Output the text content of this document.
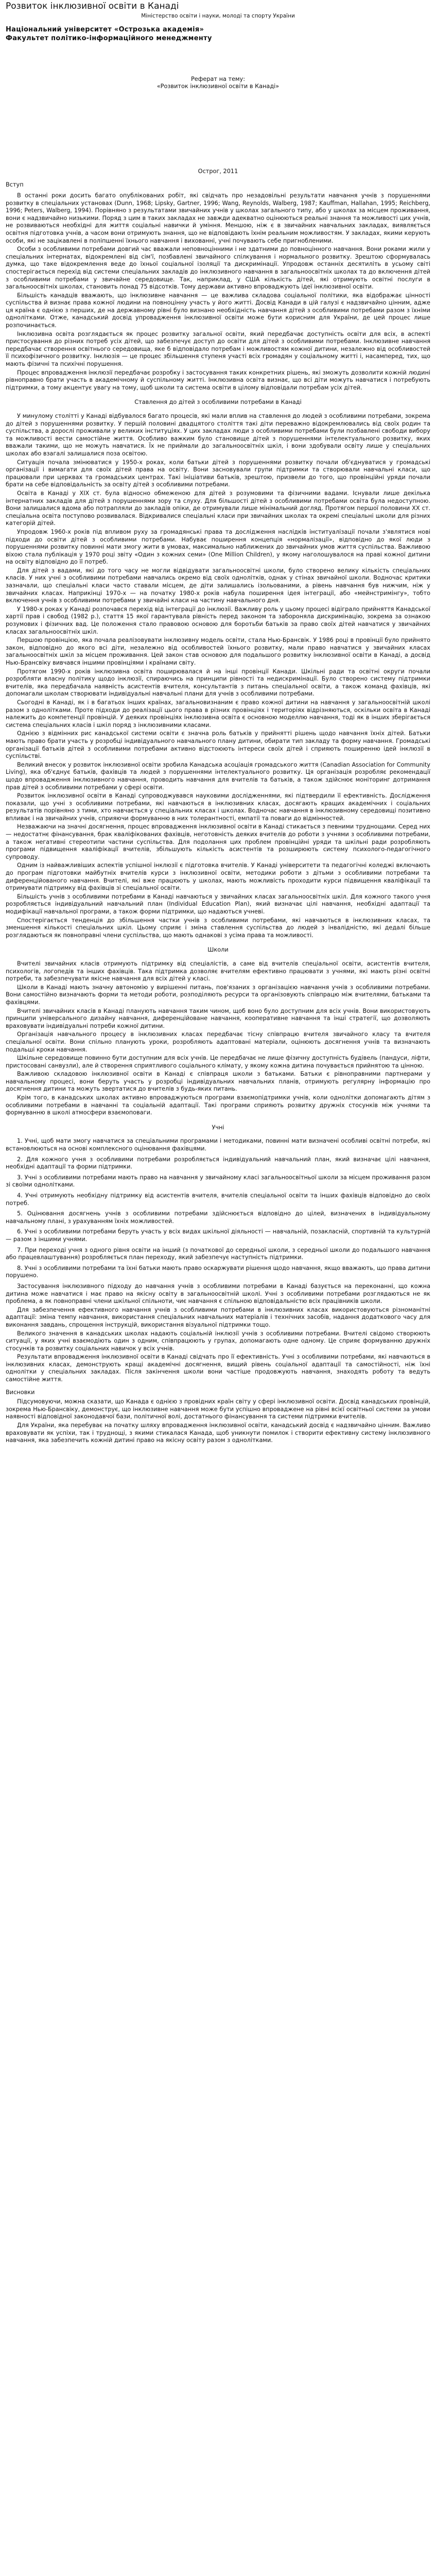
Розвиток інклюзивної освіти в Канаді
Міністерство освіти і науки, молоді та спорту України
Національний університет «Острозька академія»
Факультет політико-інформаційного менеджменту
Реферат на тему:
«Розвиток інклюзивної освіти в Канаді»
Острог, 2011
Вступ

В останні роки досить багато опублікованих робіт, які свідчать про незадовільні результати навчання учнів з порушеннями розвитку в спеціальних установах (Dunn, 1968; Lipsky, Gartner, 1996; Wang, Reynolds, Walberg, 1987; Kauffman, Hallahan, 1995; Reichberg, 1996; Peters, Walberg, 1994). Порівняно з результатами звичайних учнів у школах загального типу, або у школах за місцем проживання, вони є надзвичайно низькими. Поряд з цим в таких закладах не завжди адекватно оцінюються реальні знання та можливості цих учнів, не розвиваються необхідні для життя соціальні навички й уміння. Меншою, ніж є в звичайних навчальних закладах, виявляється освітня підготовка учнів, а часом вони отримують знання, що не відповідають їхнім реальним можливостям. У закладах, якими керують особи, які не зацікавлені в поліпшенні їхнього навчання і вихованні, учні почувають себе пригнобленими.

Особи з особливими потребами довгий час вважали неповноцінними і не здатними до повноцінного навчання. Вони роками жили у спеціальних інтернатах, відокремлені від сім'ї, позбавлені звичайного спілкування і нормального розвитку. Зрештою сформувалась думка, що таке відокремлення веде до їхньої соціальної ізоляції та дискримінації. Упродовж останніх десятиліть в усьому світі спостерігається перехід від системи спеціальних закладів до інклюзивного навчання в загальноосвітніх школах та до включення дітей з особливими потребами у звичайне середовище. Так, наприклад, у США кількість дітей, які отримують освітні послуги в загальноосвітніх школах, становить понад 75 відсотків. Тому держави активно впроваджують ідеї інклюзивної освіти.

Більшість канадців вважають, що інклюзивне навчання — це важлива складова соціальної політики, яка відображає цінності суспільства й визнає права кожної людини на повноцінну участь у його житті. Досвід Канади в цій галузі є надзвичайно цінним, адже ця країна є однією з перших, де на державному рівні було визнано необхідність навчання дітей з особливими потребами разом з їхніми однолітками. Отже, канадський досвід упровадження інклюзивної освіти може бути корисним для України, де цей процес лише розпочинається.

Інклюзивна освіта розглядається як процес розвитку загальної освіти, який передбачає доступність освіти для всіх, в аспекті пристосування до різних потреб усіх дітей, що забезпечує доступ до освіти для дітей з особливими потребами. Інклюзивне навчання передбачає створення освітнього середовища, яке б відповідало потребам і можливостям кожної дитини, незалежно від особливостей її психофізичного розвитку. Інклюзія — це процес збільшення ступеня участі всіх громадян у соціальному житті і, насамперед, тих, що мають фізичні та психічні порушення.

Процес впровадження інклюзії передбачає розробку і застосування таких конкретних рішень, які зможуть дозволити кожній людині рівноправно брати участь в академічному й суспільному житті. Інклюзивна освіта визнає, що всі діти можуть навчатися і потребують підтримки, а тому акцентує увагу на тому, щоб школи та система освіти в цілому відповідали потребам усіх дітей.

Ставлення до дітей з особливими потребами в Канаді

У минулому столітті у Канаді відбувалося багато процесів, які мали вплив на ставлення до людей з особливими потребами, зокрема до дітей з порушеннями розвитку. У першій половині двадцятого століття такі діти переважно відокремлювались від своїх родин та суспільства, а дорослі проживали у великих інституціях. У цих закладах люди з особливими потребами були позбавлені свободи вибору та можливості вести самостійне життя. Особливо важким було становище дітей з порушеннями інтелектуального розвитку, яких вважали такими, що не можуть навчатися. Їх не приймали до загальноосвітніх шкіл, і вони здобували освіту лише у спеціальних школах або взагалі залишалися поза освітою.

Ситуація почала змінюватися у 1950-х роках, коли батьки дітей з порушеннями розвитку почали об'єднуватися у громадські організації і вимагати для своїх дітей права на освіту. Вони засновували групи підтримки та створювали навчальні класи, що працювали при церквах та громадських центрах. Такі ініціативи батьків, зрештою, призвели до того, що провінційні уряди почали брати на себе відповідальність за освіту дітей з особливими потребами.

Освіта в Канаді у XIX ст. була відносно обмеженою для дітей з розумовими та фізичними вадами. Існували лише декілька інтернатних закладів для дітей з порушеннями зору та слуху. Для більшості дітей з особливими потребами освіта була недоступною. Вони залишалися вдома або потрапляли до закладів опіки, де отримували лише мінімальний догляд. Протягом першої половини XX ст. спеціальна освіта поступово розвивалася. Відкривалися спеціальні класи при звичайних школах та окремі спеціальні школи для різних категорій дітей.

Упродовж 1960-х років під впливом руху за громадянські права та дослідження наслідків інституалізації почали з'являтися нові підходи до освіти дітей з особливими потребами. Набуває поширення концепція «нормалізації», відповідно до якої люди з порушеннями розвитку повинні мати змогу жити в умовах, максимально наближених до звичайних умов життя суспільства. Важливою віхою стала публікація у 1970 році звіту «Один з кожних семи» (One Million Children), у якому наголошувалося на праві кожної дитини на освіту відповідно до її потреб.

Для дітей з вадами, які до того часу не могли відвідувати загальноосвітні школи, було створено велику кількість спеціальних класів. У них учні з особливими потребами навчались окремо від своїх однолітків, однак у стінах звичайної школи. Водночас критики зазначали, що спеціальні класи часто ставали місцем, де діти залишались ізольованими, а рівень навчання був нижчим, ніж у звичайних класах. Наприкінці 1970-х — на початку 1980-х років набула поширення ідея інтеграції, або «мейнстримінгу», тобто включення учнів з особливими потребами у звичайні класи на частину навчального дня.

У 1980-х роках у Канаді розпочався перехід від інтеграції до інклюзії. Важливу роль у цьому процесі відіграло прийняття Канадської хартії прав і свобод (1982 р.), стаття 15 якої гарантувала рівність перед законом та забороняла дискримінацію, зокрема за ознакою розумових і фізичних вад. Це положення стало правовою основою для боротьби батьків за право своїх дітей навчатися у звичайних класах загальноосвітніх шкіл.

Першою провінцією, яка почала реалізовувати інклюзивну модель освіти, стала Нью-Брансвік. У 1986 році в провінції було прийнято закон, відповідно до якого всі діти, незалежно від особливостей їхнього розвитку, мали право навчатися у звичайних класах загальноосвітніх шкіл за місцем проживання. Цей закон став основою для подальшого розвитку інклюзивної освіти в Канаді, а досвід Нью-Брансвіку вивчався іншими провінціями і країнами світу.

Протягом 1990-х років інклюзивна освіта поширювалася й на інші провінції Канади. Шкільні ради та освітні округи почали розробляти власну політику щодо інклюзії, спираючись на принципи рівності та недискримінації. Було створено систему підтримки вчителів, яка передбачала наявність асистентів вчителя, консультантів з питань спеціальної освіти, а також команд фахівців, які допомагали школам створювати індивідуальні навчальні плани для учнів з особливими потребами.

Сьогодні в Канаді, як і в багатьох інших країнах, загальновизнаним є право кожної дитини на навчання у загальноосвітній школі разом з однолітками. Проте підходи до реалізації цього права в різних провінціях і територіях відрізняються, оскільки освіта в Канаді належить до компетенції провінцій. У деяких провінціях інклюзивна освіта є основною моделлю навчання, тоді як в інших зберігається система спеціальних класів і шкіл поряд з інклюзивними класами.

Однією з відмінних рис канадської системи освіти є значна роль батьків у прийнятті рішень щодо навчання їхніх дітей. Батьки мають право брати участь у розробці індивідуального навчального плану дитини, обирати тип закладу та форму навчання. Громадські організації батьків дітей з особливими потребами активно відстоюють інтереси своїх дітей і сприяють поширенню ідей інклюзії в суспільстві.

Великий внесок у розвиток інклюзивної освіти зробила Канадська асоціація громадського життя (Canadian Association for Community Living), яка об'єднує батьків, фахівців та людей з порушеннями інтелектуального розвитку. Ця організація розробляє рекомендації щодо впровадження інклюзивного навчання, проводить навчання для вчителів та батьків, а також здійснює моніторинг дотримання прав дітей з особливими потребами у сфері освіти.

Розвиток інклюзивної освіти в Канаді супроводжувався науковими дослідженнями, які підтвердили її ефективність. Дослідження показали, що учні з особливими потребами, які навчаються в інклюзивних класах, досягають кращих академічних і соціальних результатів порівняно з тими, хто навчається у спеціальних класах і школах. Водночас навчання в інклюзивному середовищі позитивно впливає і на звичайних учнів, сприяючи формуванню в них толерантності, емпатії та поваги до відмінностей.

Незважаючи на значні досягнення, процес впровадження інклюзивної освіти в Канаді стикається з певними труднощами. Серед них — недостатнє фінансування, брак кваліфікованих фахівців, неготовність деяких вчителів до роботи з учнями з особливими потребами, а також негативні стереотипи частини суспільства. Для подолання цих проблем провінційні уряди та шкільні ради розробляють програми підвищення кваліфікації вчителів, збільшують кількість асистентів та розширюють систему психолого-педагогічного супроводу.

Одним із найважливіших аспектів успішної інклюзії є підготовка вчителів. У Канаді університети та педагогічні коледжі включають до програм підготовки майбутніх вчителів курси з інклюзивної освіти, методики роботи з дітьми з особливими потребами та диференційованого навчання. Вчителі, які вже працюють у школах, мають можливість проходити курси підвищення кваліфікації та отримувати підтримку від фахівців зі спеціальної освіти.

Більшість учнів з особливими потребами в Канаді навчаються у звичайних класах загальноосвітніх шкіл. Для кожного такого учня розробляється індивідуальний навчальний план (Individual Education Plan), який визначає цілі навчання, необхідні адаптації та модифікації навчальної програми, а також форми підтримки, що надаються учневі.

Спостерігається тенденція до збільшення частки учнів з особливими потребами, які навчаються в інклюзивних класах, та зменшення кількості спеціальних шкіл. Цьому сприяє і зміна ставлення суспільства до людей з інвалідністю, які дедалі більше розглядаються як повноправні члени суспільства, що мають однакові з усіма права та можливості.

Школи

Вчителі звичайних класів отримують підтримку від спеціалістів, а саме від вчителів спеціальної освіти, асистентів вчителя, психологів, логопедів та інших фахівців. Така підтримка дозволяє вчителям ефективно працювати з учнями, які мають різні освітні потреби, та забезпечувати якісне навчання для всіх дітей у класі.

Школи в Канаді мають значну автономію у вирішенні питань, пов'язаних з організацією навчання учнів з особливими потребами. Вони самостійно визначають форми та методи роботи, розподіляють ресурси та організовують співпрацю між вчителями, батьками та фахівцями.

Вчителі звичайних класів в Канаді планують навчання таким чином, щоб воно було доступним для всіх учнів. Вони використовують принципи універсального дизайну навчання, диференційоване навчання, кооперативне навчання та інші стратегії, що дозволяють враховувати індивідуальні потреби кожної дитини.

Організація навчального процесу в інклюзивних класах передбачає тісну співпрацю вчителя звичайного класу та вчителя спеціальної освіти. Вони спільно планують уроки, розробляють адаптовані матеріали, оцінюють досягнення учнів та визначають подальші кроки навчання.

Шкільне середовище повинно бути доступним для всіх учнів. Це передбачає не лише фізичну доступність будівель (пандуси, ліфти, пристосовані санвузли), але й створення сприятливого соціального клімату, у якому кожна дитина почувається прийнятою та цінною.

Важливою складовою інклюзивної освіти в Канаді є співпраця школи з батьками. Батьки є рівноправними партнерами у навчальному процесі, вони беруть участь у розробці індивідуальних навчальних планів, отримують регулярну інформацію про досягнення дитини та можуть звертатися до вчителів з будь-яких питань.

Крім того, в канадських школах активно впроваджуються програми взаємопідтримки учнів, коли однолітки допомагають дітям з особливими потребами в навчанні та соціальній адаптації. Такі програми сприяють розвитку дружніх стосунків між учнями та формуванню в школі атмосфери взаємоповаги.

Учні

1. Учні, щоб мати змогу навчатися за спеціальними програмами і методиками, повинні мати визначені особливі освітні потреби, які встановлюються на основі комплексного оцінювання фахівцями.

2. Для кожного учня з особливими потребами розробляється індивідуальний навчальний план, який визначає цілі навчання, необхідні адаптації та форми підтримки.

3. Учні з особливими потребами мають право на навчання у звичайному класі загальноосвітньої школи за місцем проживання разом зі своїми однолітками.

4. Учні отримують необхідну підтримку від асистентів вчителя, вчителів спеціальної освіти та інших фахівців відповідно до своїх потреб.

5. Оцінювання досягнень учнів з особливими потребами здійснюється відповідно до цілей, визначених в індивідуальному навчальному плані, з урахуванням їхніх можливостей.

6. Учні з особливими потребами беруть участь у всіх видах шкільної діяльності — навчальній, позакласній, спортивній та культурній — разом з іншими учнями.

7. При переході учня з одного рівня освіти на інший (з початкової до середньої школи, з середньої школи до подальшого навчання або працевлаштування) розробляється план переходу, який забезпечує наступність підтримки.

8. Учні з особливими потребами та їхні батьки мають право оскаржувати рішення щодо навчання, якщо вважають, що права дитини порушено.

Застосування інклюзивного підходу до навчання учнів з особливими потребами в Канаді базується на переконанні, що кожна дитина може навчатися і має право на якісну освіту в загальноосвітній школі. Учні з особливими потребами розглядаються не як проблема, а як повноправні члени шкільної спільноти, чиє навчання є спільною відповідальністю всіх працівників школи.

Для забезпечення ефективного навчання учнів з особливими потребами в інклюзивних класах використовуються різноманітні адаптації: зміна темпу навчання, використання спеціальних навчальних матеріалів і технічних засобів, надання додаткового часу для виконання завдань, спрощення інструкцій, використання візуальної підтримки тощо.

Великого значення в канадських школах надають соціальній інклюзії учнів з особливими потребами. Вчителі свідомо створюють ситуації, у яких учні взаємодіють один з одним, співпрацюють у групах, допомагають одне одному. Це сприяє формуванню дружніх стосунків та розвитку соціальних навичок у всіх учнів.

Результати впровадження інклюзивної освіти в Канаді свідчать про її ефективність. Учні з особливими потребами, які навчаються в інклюзивних класах, демонструють кращі академічні досягнення, вищий рівень соціальної адаптації та самостійності, ніж їхні однолітки у спеціальних закладах. Після закінчення школи вони частіше продовжують навчання, знаходять роботу та ведуть самостійне життя.

Висновки

Підсумовуючи, можна сказати, що Канада є однією з провідних країн світу у сфері інклюзивної освіти. Досвід канадських провінцій, зокрема Нью-Брансвіку, демонструє, що інклюзивне навчання може бути успішно впроваджене на рівні всієї освітньої системи за умови наявності відповідної законодавчої бази, політичної волі, достатнього фінансування та системи підтримки вчителів.

Для України, яка перебуває на початку шляху впровадження інклюзивної освіти, канадський досвід є надзвичайно цінним. Важливо враховувати як успіхи, так і труднощі, з якими стикалася Канада, щоб уникнути помилок і створити ефективну систему інклюзивного навчання, яка забезпечить кожній дитині право на якісну освіту разом з однолітками.
